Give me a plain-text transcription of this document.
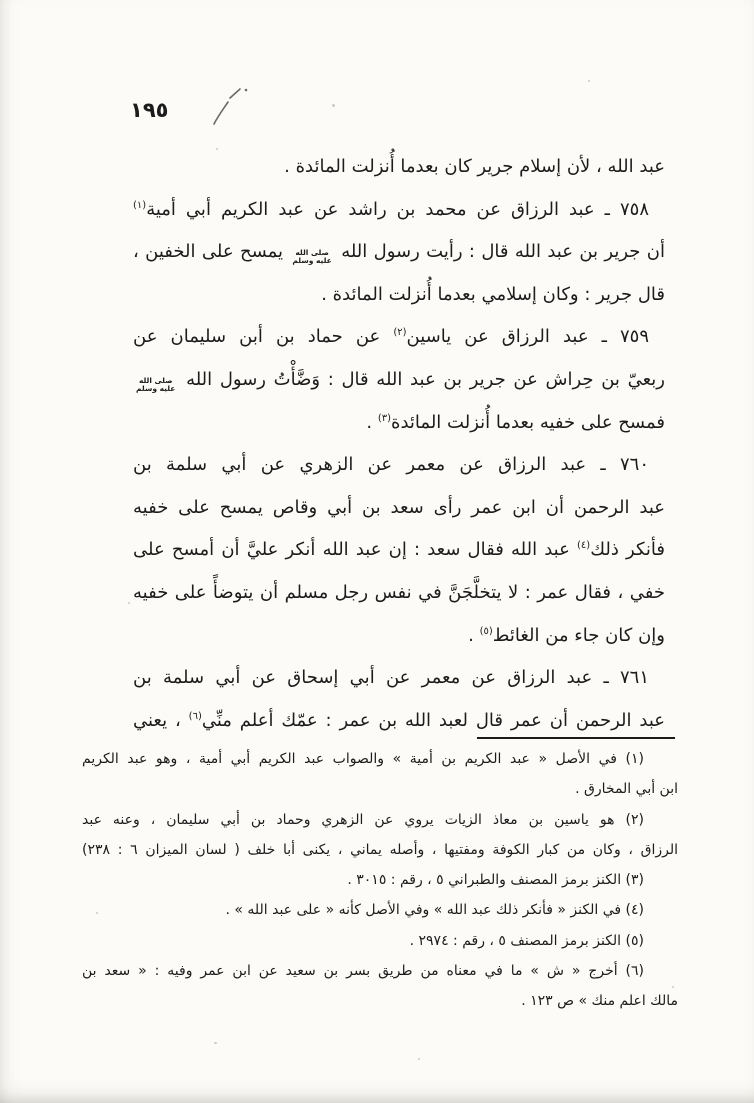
١٩٥
عبد الله ، لأن إسلام جرير كان بعدما أُنزلت المائدة .
٧٥٨ ـ عبد الرزاق عن محمد بن راشد عن عبد الكريم أبي أمية(١)
أن جرير بن عبد الله قال : رأيت رسول الله
صلى الله
عليه وسلم
يمسح على الخفين ،
قال جرير : وكان إسلامي بعدما أُنزلت المائدة .
٧٥٩ ـ عبد الرزاق عن ياسين(٢) عن حماد بن أبن سليمان عن
ربعيّ بن حِراش عن جرير بن عبد الله قال : وَضَّأْتُ رسول الله
صلى الله
عليه وسلم
فمسح على خفيه بعدما أُنزلت المائدة(٣) .
٧٦٠ ـ عبد الرزاق عن معمر عن الزهري عن أبي سلمة بن
عبد الرحمن أن ابن عمر رأى سعد بن أبي وقاص يمسح على خفيه
فأنكر ذلك(٤) عبد الله فقال سعد : إن عبد الله أنكر عليَّ أن أمسح على
خفي ، فقال عمر : لا يتخلَّجَنَّ في نفس رجل مسلم أن يتوضأً على خفيه
وإن كان جاء من الغائط(٥) .
٧٦١ ـ عبد الرزاق عن معمر عن أبي إسحاق عن أبي سلمة بن
عبد الرحمن أن عمر قال لعبد الله بن عمر : عمّك أعلم منِّي(٦) ، يعني
(١) في الأصل « عبد الكريم بن أمية » والصواب عبد الكريم أبي أمية ، وهو عبد الكريم
ابن أبي المخارق .
(٢) هو ياسين بن معاذ الزيات يروي عن الزهري وحماد بن أبي سليمان ، وعنه عبد
الرزاق ، وكان من كبار الكوفة ومفتيها ، وأصله يماني ، يكنى أبا خلف ( لسان الميزان ٦ : ٢٣٨)
(٣) الكنز برمز المصنف والطبراني ٥ ، رقم : ٣٠١٥ .
(٤) في الكنز « فأنكر ذلك عبد الله » وفي الأصل كأنه « على عبد الله » .
(٥) الكنز برمز المصنف ٥ ، رقم : ٢٩٧٤ .
(٦) أخرج « ش » ما في معناه من طريق بسر بن سعيد عن ابن عمر وفيه : « سعد بن
مالك اعلم منك » ص ١٢٣ .
